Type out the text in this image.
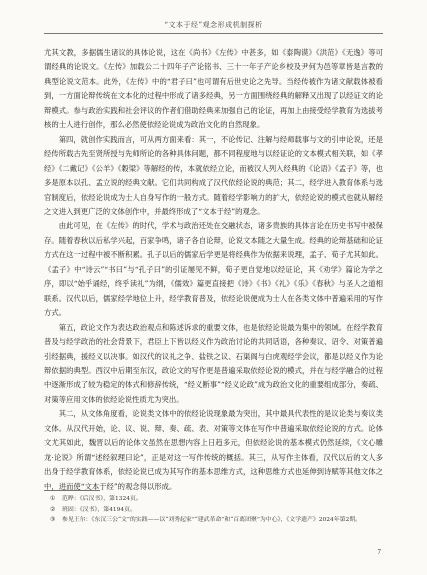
“文本于经”观念形成机制探析

尤其文教，多据儒生诸议的具体论说，这在《尚书》《左传》中甚多，如《泰陶谟》《洪范》《无逸》等可谓经典的论说文。《左传》加载公二十四年子产论铭书、三十一年子产论乡校及尹何为邑等章皆是言教的典型论说文范本。此外，《左传》中的“君子曰”也可谓有后世史论之先导。当经传被作为诸文献载体被看到，一方面论辩传统在文本化的过程中形成了诸多经典，另一方面围绕经典的解释又出现了以经证文的论辩模式。参与政治实践和社会评议的作者们借助经典来加强自己的论证，再加上由接受经学教育为选拔考核的士人进行创作，那么必然使依经论说成为政治文化的自然现象。

第四，就创作实践而言，可从两方面来看：其一，不论传记、注解与经师载事与文的引申论说，还是经传所载古先至贤所授与先师所论的各种具体问题，都不同程度地与以经证论的文本模式相关联，如《孝经》《二戴记》《公羊》《穀梁》等解经的传，本就依经立论，而被汉人列入经典的《论语》《孟子》等，也多是原本以孔、孟立说的经典文献。它们共同构成了汉代依经论说的典范；其二，经学进入教育体系与选官制度后，依经论说成为士人自身写作的一般方式。随着经学影响力的扩大，依经论说的模式也就从解经之文进入到更广泛的文体创作中，并最终形成了“文本于经”的观念。

由此可见，在《左传》的时代，学术与政治还处在交融状态，诸多贵族的具体言论在历史书写中被保存。随着春秋以后私学兴起，百家争鸣，诸子各自论辩，论说文本随之大量生成。经典的论辩基础和论证方式在这一过程中被不断积累。孔子以后的儒家后学更是将经典作为依据来说理，孟子、荀子尤其如此。《孟子》中“诗云”“书曰”与“孔子曰”的引证屡见不鲜，荀子更自觉地以经证论，其《劝学》篇论为学之序，即以“始乎诵经，终乎读礼”为纲，《儒效》篇更直接把《诗》《书》《礼》《乐》《春秋》与圣人之道相联系。汉代以后，儒家经学地位上升，经学教育普及，依经论说便成为士人在各类文体中普遍采用的写作方式。

第五，政论文作为表达政治观点和陈述诉求的重要文体，也是依经论说最为集中的领域。在经学教育普及与经学政治的社会背景下，君臣上下皆以经义作为政治讨论的共同话语，各种奏议、诏令、对策普遍引经据典，援经义以决事。如汉代的议礼之争、盐铁之议、石渠阁与白虎观经学会议，都是以经义作为论辩依据的典型。西汉中后期至东汉，政论文的写作更是普遍采取依经论说的模式，并在与经学融合的过程中逐渐形成了较为稳定的体式和修辞传统，“经义断事”“经义论政”成为政治文化的重要组成部分，奏疏、对策等应用文体的依经论说性质尤为突出。

其二，从文体角度看，论说类文体中的依经论说现象最为突出，其中最具代表性的是议论类与奏议类文体。从汉代开始，论、议、说、辩、奏、疏、表、对策等文体在写作中普遍采取依经论说的方式。论体文尤其如此，魏晋以后的论体文虽然在思想内容上日趋多元，但依经论说的基本模式仍然延续，《文心雕龙·论说》所谓“述经叙理曰论”，正是对这一写作传统的概括。其三，从写作主体看，汉代以后的文人多出身于经学教育体系，依经论说已成为其写作的基本思维方式，这种思维方式也延伸到诗赋等其他文体之中，进而使“文本于经”的观念得以形成。

① 范晔：《后汉书》，第1324页。

② 班固：《汉书》，第4194页。

③ 参见王尔：《东汉三公“文”的实践——以“刘秀起家”“建武革命”和“百离团聚”为中心》，《文学遗产》2024年第2期。

7
